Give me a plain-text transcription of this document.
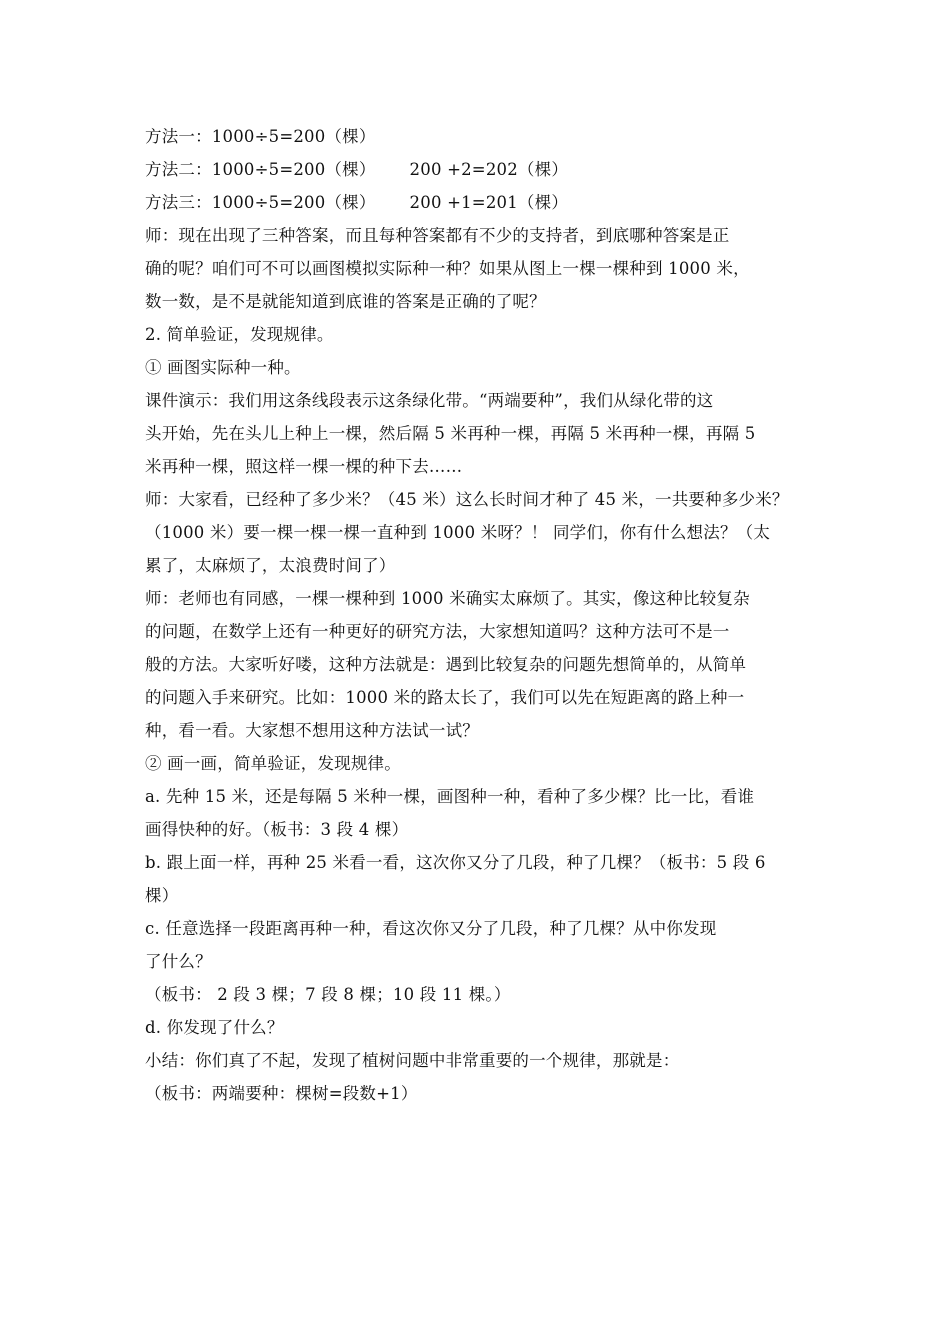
方法一：1000÷5=200（棵）
方法二：1000÷5=200（棵） 200 +2=202（棵）
方法三：1000÷5=200（棵） 200 +1=201（棵）
师：现在出现了三种答案，而且每种答案都有不少的支持者，到底哪种答案是正
确的呢？咱们可不可以画图模拟实际种一种？如果从图上一棵一棵种到 1000 米，
数一数，是不是就能知道到底谁的答案是正确的了呢？
2. 简单验证，发现规律。
① 画图实际种一种。
课件演示：我们用这条线段表示这条绿化带。“两端要种”，我们从绿化带的这
头开始，先在头儿上种上一棵，然后隔 5 米再种一棵，再隔 5 米再种一棵，再隔 5
米再种一棵，照这样一棵一棵的种下去……
师：大家看，已经种了多少米？（45 米）这么长时间才种了 45 米，一共要种多少米？
（1000 米）要一棵一棵一棵一直种到 1000 米呀？！ 同学们，你有什么想法？（太
累了，太麻烦了，太浪费时间了）
师：老师也有同感，一棵一棵种到 1000 米确实太麻烦了。其实，像这种比较复杂
的问题，在数学上还有一种更好的研究方法，大家想知道吗？这种方法可不是一
般的方法。大家听好喽，这种方法就是：遇到比较复杂的问题先想简单的，从简单
的问题入手来研究。比如：1000 米的路太长了，我们可以先在短距离的路上种一
种，看一看。大家想不想用这种方法试一试？
② 画一画，简单验证，发现规律。
a. 先种 15 米，还是每隔 5 米种一棵，画图种一种，看种了多少棵？比一比，看谁
画得快种的好。（板书：3 段 4 棵）
b. 跟上面一样，再种 25 米看一看，这次你又分了几段，种了几棵？（板书：5 段 6
棵）
c. 任意选择一段距离再种一种，看这次你又分了几段，种了几棵？从中你发现
了什么？
（板书： 2 段 3 棵；7 段 8 棵；10 段 11 棵。）
d. 你发现了什么？
小结：你们真了不起，发现了植树问题中非常重要的一个规律，那就是：
（板书：两端要种：棵树=段数+1）
